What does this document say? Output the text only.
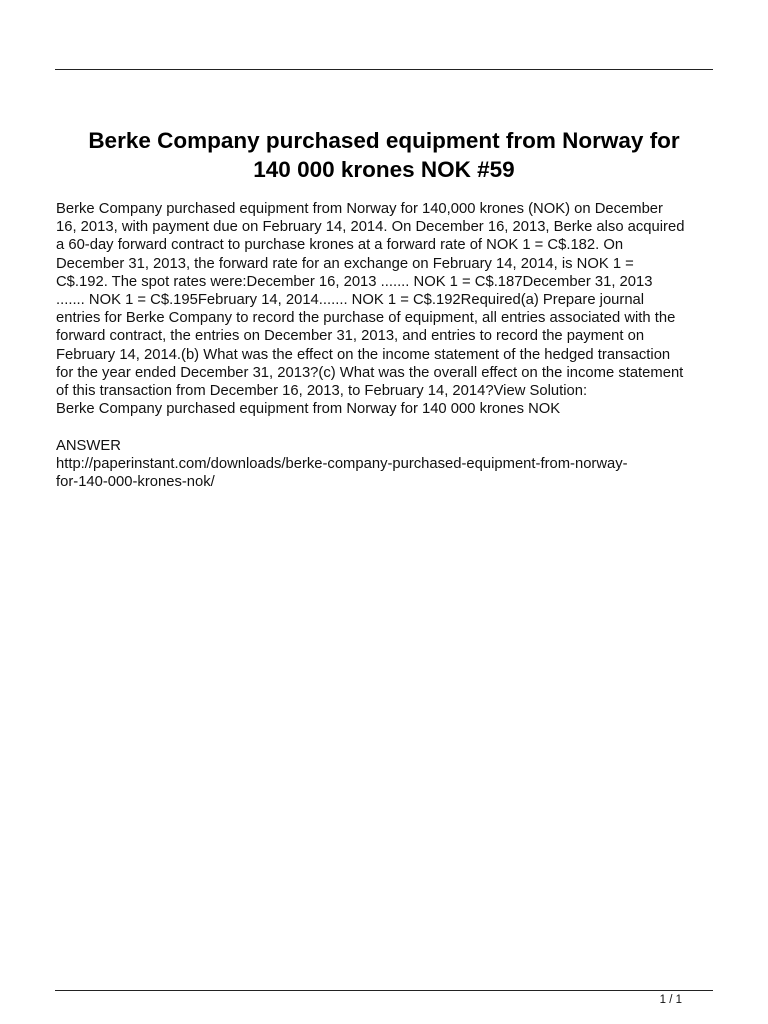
Berke Company purchased equipment from Norway for
140 000 krones NOK #59
Berke Company purchased equipment from Norway for 140,000 krones (NOK) on December
16, 2013, with payment due on February 14, 2014. On December 16, 2013, Berke also acquired
a 60-day forward contract to purchase krones at a forward rate of NOK 1 = C$.182. On
December 31, 2013, the forward rate for an exchange on February 14, 2014, is NOK 1 =
C$.192. The spot rates were:December 16, 2013 ....... NOK 1 = C$.187December 31, 2013
....... NOK 1 = C$.195February 14, 2014....... NOK 1 = C$.192Required(a) Prepare journal
entries for Berke Company to record the purchase of equipment, all entries associated with the
forward contract, the entries on December 31, 2013, and entries to record the payment on
February 14, 2014.(b) What was the effect on the income statement of the hedged transaction
for the year ended December 31, 2013?(c) What was the overall effect on the income statement
of this transaction from December 16, 2013, to February 14, 2014?View Solution:
Berke Company purchased equipment from Norway for 140 000 krones NOK
ANSWER
http://paperinstant.com/downloads/berke-company-purchased-equipment-from-norway-
for-140-000-krones-nok/
1 / 1
